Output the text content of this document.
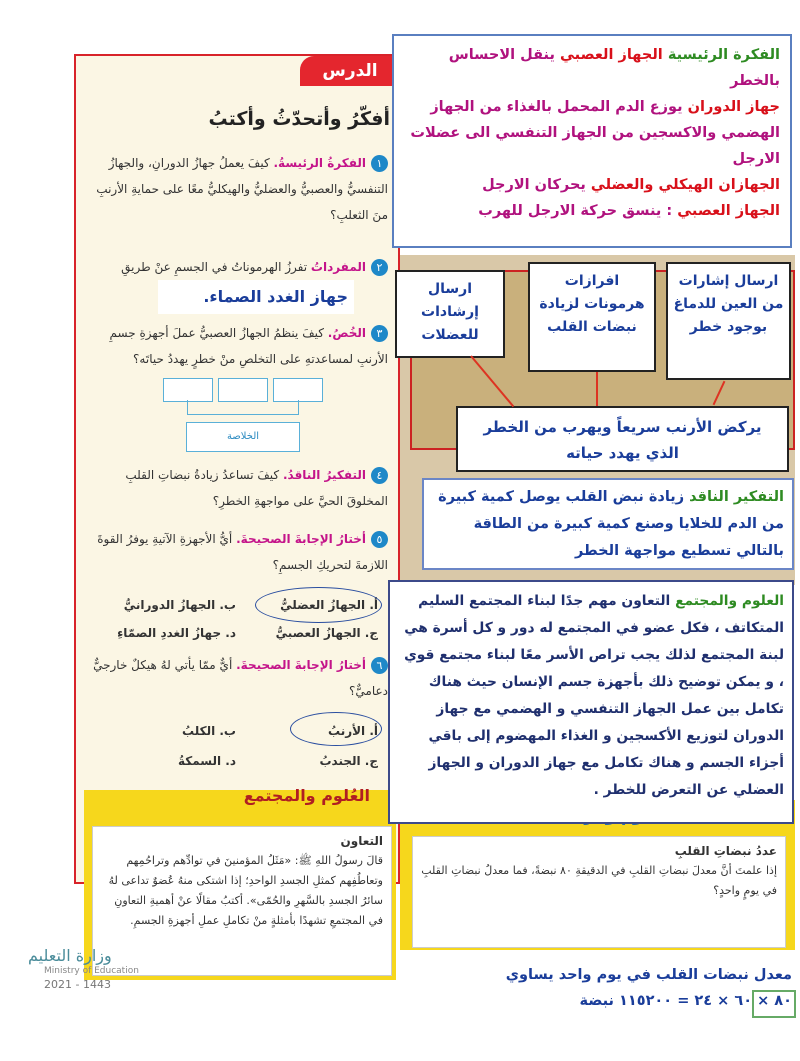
الدرس
أفكّرُ وأتحدّثُ وأكتبُ
١الفكرةُ الرئيسةُ. كيفَ يعملُ جهازُ الدورانِ، والجهازُ التنفسيُّ والعصبيُّ والعضليُّ والهيكليُّ معًا على حمايةِ الأرنبِ منَ الثعلبِ؟
٢المفرداتُ تفرزُ الهرموناتُ في الجسمِ عنْ طريقِ
جهاز الغدد الصماء.
٣الخُصُ. كيفَ ينظمُ الجهازُ العصبيُّ عملَ أجهزةِ جسمِ الأرنبِ لمساعدتهِ على التخلصِ منْ خطرٍ يهددُ حياتَه؟
الخلاصة
٤التفكيرُ الناقدُ. كيفَ تساعدُ زيادةُ نبضاتِ القلبِ المخلوقَ الحيَّ على مواجهةِ الخطرِ؟
٥أختارُ الإجابةَ الصحيحةَ. أيُّ الأجهزةِ الآتيةِ يوفرُ القوةَ اللازمةَ لتحريكِ الجسمِ؟
أ. الجهازُ العضليُّ
ب. الجهازُ الدورانيُّ
ج. الجهازُ العصبيُّ
د. جهازُ الغددِ الصمّاءِ
٦أختارُ الإجابةَ الصحيحةَ. أيٌّ ممّا يأتي لهُ هيكلٌ خارجيٌّ دعاميٌّ؟
أ. الأرنبُ
ب. الكلبُ
ج. الجندبُ
د. السمكةُ
العُلوم والمجتمع
التعاون
قالَ رسولُ اللهِ ﷺ: «مَثَلُ المؤمنينَ في توادِّهم وتراحُمِهم وتعاطُفِهم كمثلِ الجسدِ الواحدِ؛ إذا اشتكى منهُ عُضوٌ تداعى لهُ سائرُ الجسدِ بالسَّهرِ والحُمّى». أكتبُ مقالًا عنْ أهميةِ التعاونِ في المجتمعِ تشهدًا بأمثلةٍ منْ تكاملِ عملِ أجهزةِ الجسمِ.
عددُ نبضاتِ القلبِ
إذا علمتَ أنَّ معدلَ نبضاتِ القلبِ في الدقيقةِ ٨٠ نبضةً، فما معدلُ نبضاتِ القلبِ في يومٍ واحدٍ؟
الفكرة الرئيسية الجهاز العصبي ينقل الاحساس بالخطر
جهاز الدوران يوزع الدم المحمل بالغذاء من الجهاز الهضمي والاكسجين من الجهاز التنفسي الى عضلات الارجل
الجهازان الهيكلي والعضلي يحركان الارجل
الجهاز العصبي : ينسق حركة الارجل للهرب
ارسال إشارات من العين للدماغ بوجود خطر
افرازات هرمونات لزيادة نبضات القلب
ارسال إرشادات للعضلات
يركض الأرنب سريعاً ويهرب من الخطر الذي يهدد حياته
التفكير الناقد زيادة نبض القلب يوصل كمية كبيرة من الدم للخلايا وصنع كمية كبيرة من الطاقة بالتالي تسطيع مواجهة الخطر
العلوم والمجتمع التعاون مهم جدًا لبناء المجتمع السليم المتكاتف ، فكل عضو في المجتمع له دور و كل أسرة هي لبنة المجتمع لذلك يجب تراص الأسر معًا لبناء مجتمع قوي ، و يمكن توضيح ذلك بأجهزة جسم الإنسان حيث هناك تكامل بين عمل الجهاز التنفسي و الهضمي مع جهاز الدوران لتوزيع الأكسجين و الغذاء المهضوم إلى باقي أجزاء الجسم و هناك تكامل مع جهاز الدوران و الجهاز العضلي عن التعرض للخطر .
معدل نبضات القلب في يوم واحد يساوي
٨٠ × ٦٠ × ٢٤ = ١١٥٢٠٠ نبضة
وزارة التعليم
Ministry of Education
2021 - 1443
